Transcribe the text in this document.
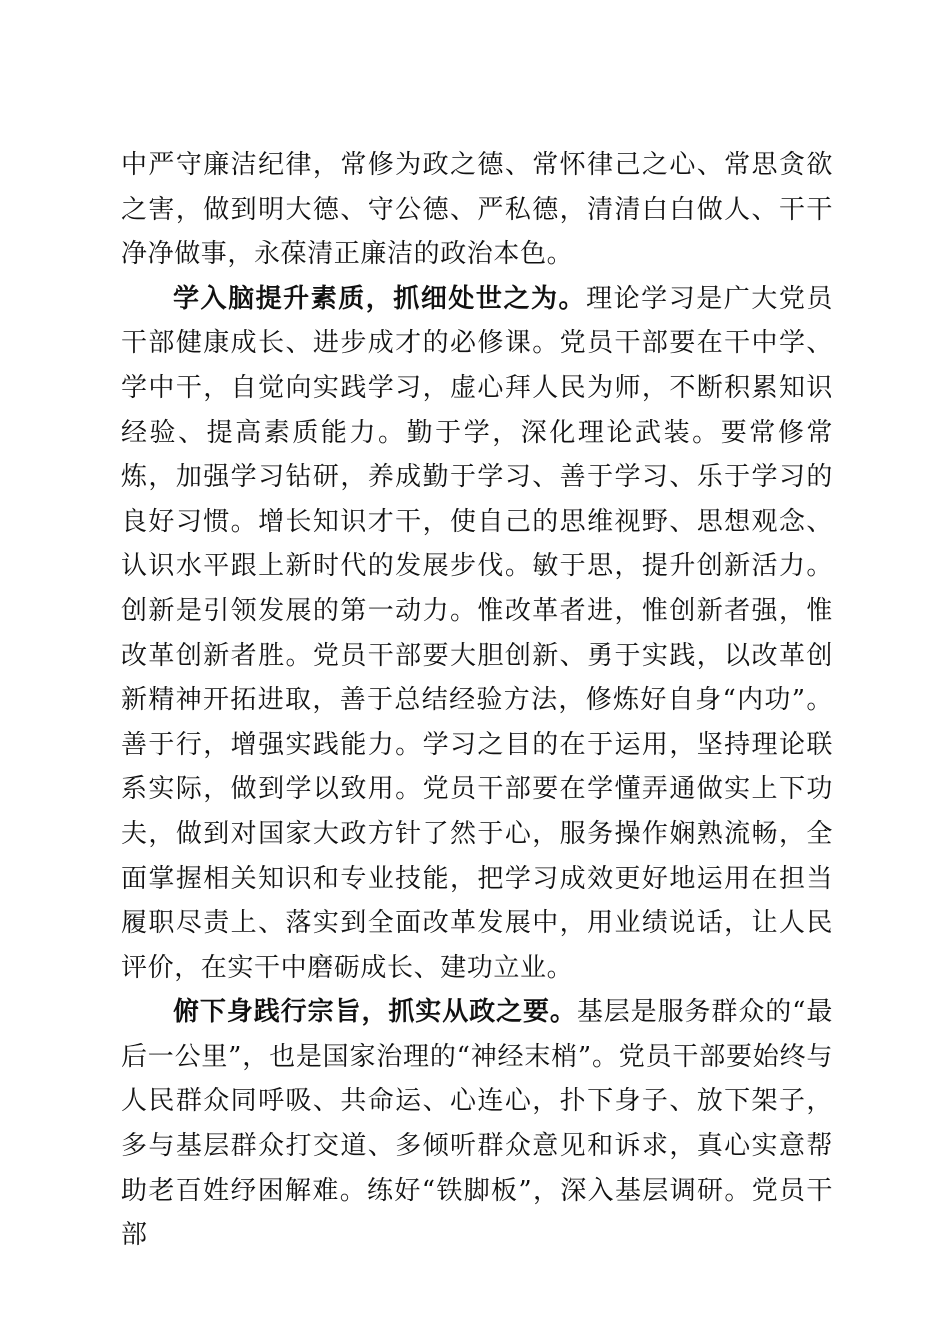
中严守廉洁纪律，常修为政之德、常怀律己之心、常思贪欲之害，做到明大德、守公德、严私德，清清白白做人、干干净净做事，永葆清正廉洁的政治本色。

学入脑提升素质，抓细处世之为。理论学习是广大党员干部健康成长、进步成才的必修课。党员干部要在干中学、学中干，自觉向实践学习，虚心拜人民为师，不断积累知识经验、提高素质能力。勤于学，深化理论武装。要常修常炼，加强学习钻研，养成勤于学习、善于学习、乐于学习的良好习惯。增长知识才干，使自己的思维视野、思想观念、认识水平跟上新时代的发展步伐。敏于思，提升创新活力。创新是引领发展的第一动力。惟改革者进，惟创新者强，惟改革创新者胜。党员干部要大胆创新、勇于实践，以改革创新精神开拓进取，善于总结经验方法，修炼好自身“内功”。善于行，增强实践能力。学习之目的在于运用，坚持理论联系实际，做到学以致用。党员干部要在学懂弄通做实上下功夫，做到对国家大政方针了然于心，服务操作娴熟流畅，全面掌握相关知识和专业技能，把学习成效更好地运用在担当履职尽责上、落实到全面改革发展中，用业绩说话，让人民评价，在实干中磨砺成长、建功立业。

俯下身践行宗旨，抓实从政之要。基层是服务群众的“最后一公里”，也是国家治理的“神经末梢”。党员干部要始终与人民群众同呼吸、共命运、心连心，扑下身子、放下架子，多与基层群众打交道、多倾听群众意见和诉求，真心实意帮助老百姓纾困解难。练好“铁脚板”，深入基层调研。党员干部
